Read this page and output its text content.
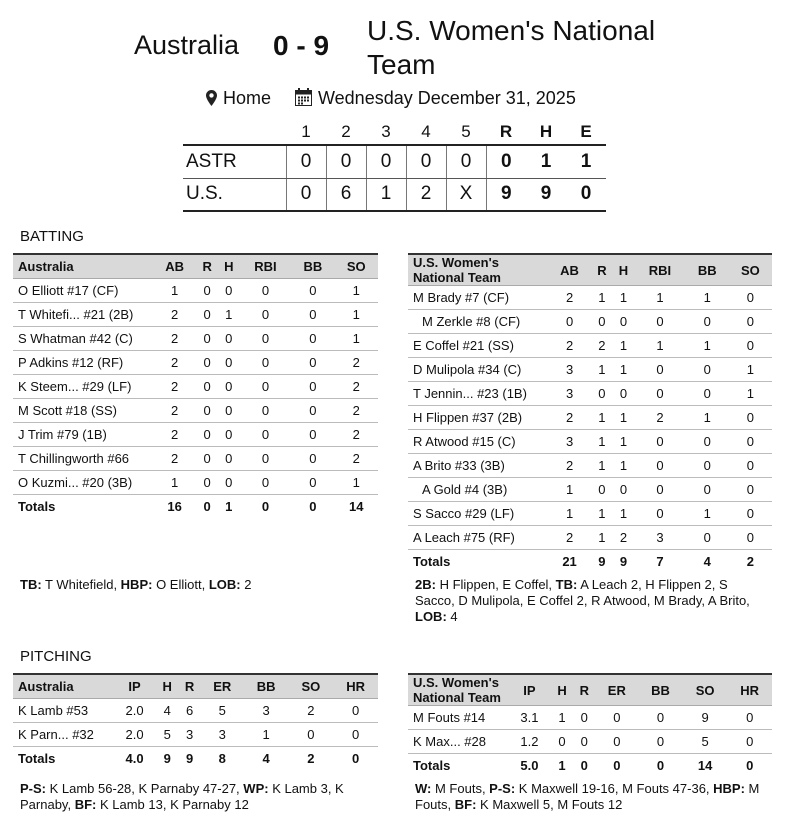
Australia 0 - 9 U.S. Women's National Team
Home	Wednesday December 31, 2025
	1	2	3	4	5	R	H	E
ASTR	0	0	0	0	0	0	1	1
U.S.	0	6	1	2	X	9	9	0
BATTING
Australia	AB	R	H	RBI	BB	SO
O Elliott #17 (CF)	1	0	0	0	0	1
T Whitefi... #21 (2B)	2	0	1	0	0	1
S Whatman #42 (C)	2	0	0	0	0	1
P Adkins #12 (RF)	2	0	0	0	0	2
K Steem... #29 (LF)	2	0	0	0	0	2
M Scott #18 (SS)	2	0	0	0	0	2
J Trim #79 (1B)	2	0	0	0	0	2
T Chillingworth #66	2	0	0	0	0	2
O Kuzmi... #20 (3B)	1	0	0	0	0	1
Totals	16	0	1	0	0	14
U.S. Women's National Team	AB	R	H	RBI	BB	SO
M Brady #7 (CF)	2	1	1	1	1	0
M Zerkle #8 (CF)	0	0	0	0	0	0
E Coffel #21 (SS)	2	2	1	1	1	0
D Mulipola #34 (C)	3	1	1	0	0	1
T Jennin... #23 (1B)	3	0	0	0	0	1
H Flippen #37 (2B)	2	1	1	2	1	0
R Atwood #15 (C)	3	1	1	0	0	0
A Brito #33 (3B)	2	1	1	0	0	0
A Gold #4 (3B)	1	0	0	0	0	0
S Sacco #29 (LF)	1	1	1	0	1	0
A Leach #75 (RF)	2	1	2	3	0	0
Totals	21	9	9	7	4	2
TB: T Whitefield, HBP: O Elliott, LOB: 2	2B: H Flippen, E Coffel, TB: A Leach 2, H Flippen 2, S Sacco, D Mulipola, E Coffel 2, R Atwood, M Brady, A Brito, LOB: 4
PITCHING
Australia	IP	H	R	ER	BB	SO	HR
K Lamb #53	2.0	4	6	5	3	2	0
K Parn... #32	2.0	5	3	3	1	0	0
Totals	4.0	9	9	8	4	2	0
U.S. Women's National Team	IP	H	R	ER	BB	SO	HR
M Fouts #14	3.1	1	0	0	0	9	0
K Max... #28	1.2	0	0	0	0	5	0
Totals	5.0	1	0	0	0	14	0
P-S: K Lamb 56-28, K Parnaby 47-27, WP: K Lamb 3, K Parnaby, BF: K Lamb 13, K Parnaby 12
W: M Fouts, P-S: K Maxwell 19-16, M Fouts 47-36, HBP: M Fouts, BF: K Maxwell 5, M Fouts 12
